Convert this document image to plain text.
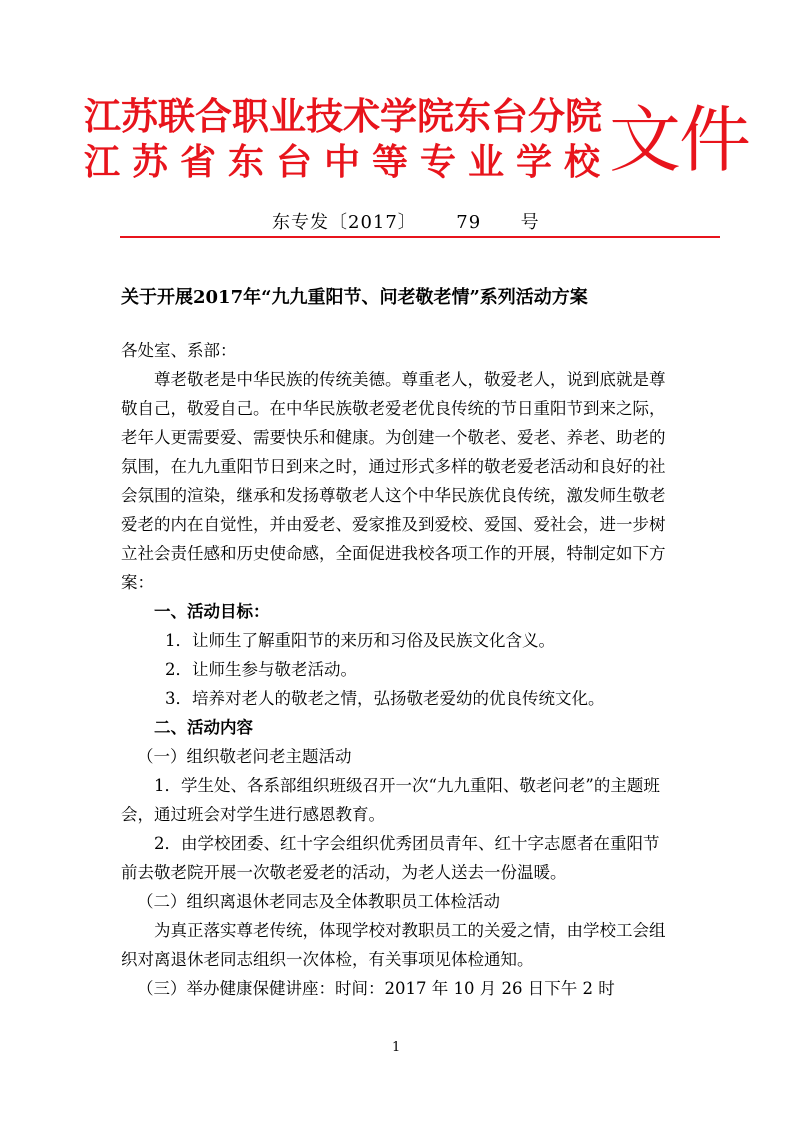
江苏联合职业技术学院东台分院
江苏省东台中等专业学校
文件
东专发〔2017〕 79 号
关于开展2017年“九九重阳节、问老敬老情”系列活动方案

各处室、系部：

尊老敬老是中华民族的传统美德。尊重老人，敬爱老人，说到底就是尊敬自己，敬爱自己。在中华民族敬老爱老优良传统的节日重阳节到来之际，老年人更需要爱、需要快乐和健康。为创建一个敬老、爱老、养老、助老的氛围，在九九重阳节日到来之时，通过形式多样的敬老爱老活动和良好的社会氛围的渲染，继承和发扬尊敬老人这个中华民族优良传统，激发师生敬老爱老的内在自觉性，并由爱老、爱家推及到爱校、爱国、爱社会，进一步树立社会责任感和历史使命感，全面促进我校各项工作的开展，特制定如下方案：

一、活动目标：

1．让师生了解重阳节的来历和习俗及民族文化含义。

2．让师生参与敬老活动。

3．培养对老人的敬老之情，弘扬敬老爱幼的优良传统文化。

二、活动内容

（一）组织敬老问老主题活动

1．学生处、各系部组织班级召开一次“九九重阳、敬老问老”的主题班会，通过班会对学生进行感恩教育。

2．由学校团委、红十字会组织优秀团员青年、红十字志愿者在重阳节前去敬老院开展一次敬老爱老的活动，为老人送去一份温暖。

（二）组织离退休老同志及全体教职员工体检活动

为真正落实尊老传统，体现学校对教职员工的关爱之情，由学校工会组织对离退休老同志组织一次体检，有关事项见体检通知。

（三）举办健康保健讲座：时间：2017 年 10 月 26 日下午 2 时

1
